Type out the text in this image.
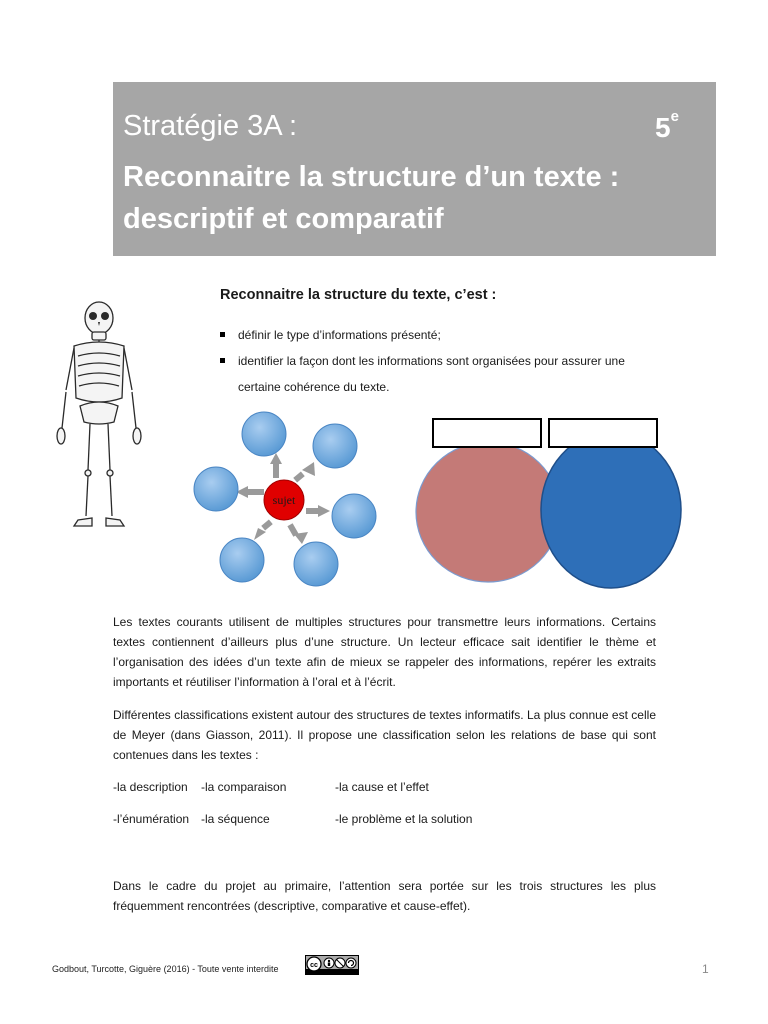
Stratégie 3A :	5e
Reconnaitre la structure d’un texte :
descriptif et comparatif
Reconnaitre la structure du texte, c’est :
définir le type d’informations présenté;
identifier la façon dont les informations sont organisées pour assurer une certaine cohérence du texte.
sujet

Les textes courants utilisent de multiples structures pour transmettre leurs informations. Certains textes contiennent d’ailleurs plus d’une structure. Un lecteur efficace sait identifier le thème et l’organisation des idées d’un texte afin de mieux se rappeler des informations, repérer les extraits importants et réutiliser l’information à l’oral et à l’écrit.

Différentes classifications existent autour des structures de textes informatifs. La plus connue est celle de Meyer (dans Giasson, 2011). Il propose une classification selon les relations de base qui sont contenues dans les textes :

-la description -la comparaison	-la cause et l’effet
-l’énumération -la séquence	-le problème et la solution

Dans le cadre du projet au primaire, l’attention sera portée sur les trois structures les plus fréquemment rencontrées (descriptive, comparative et cause-effet).

Godbout, Turcotte, Giguère (2016) - Toute vente interdite	cc	1
